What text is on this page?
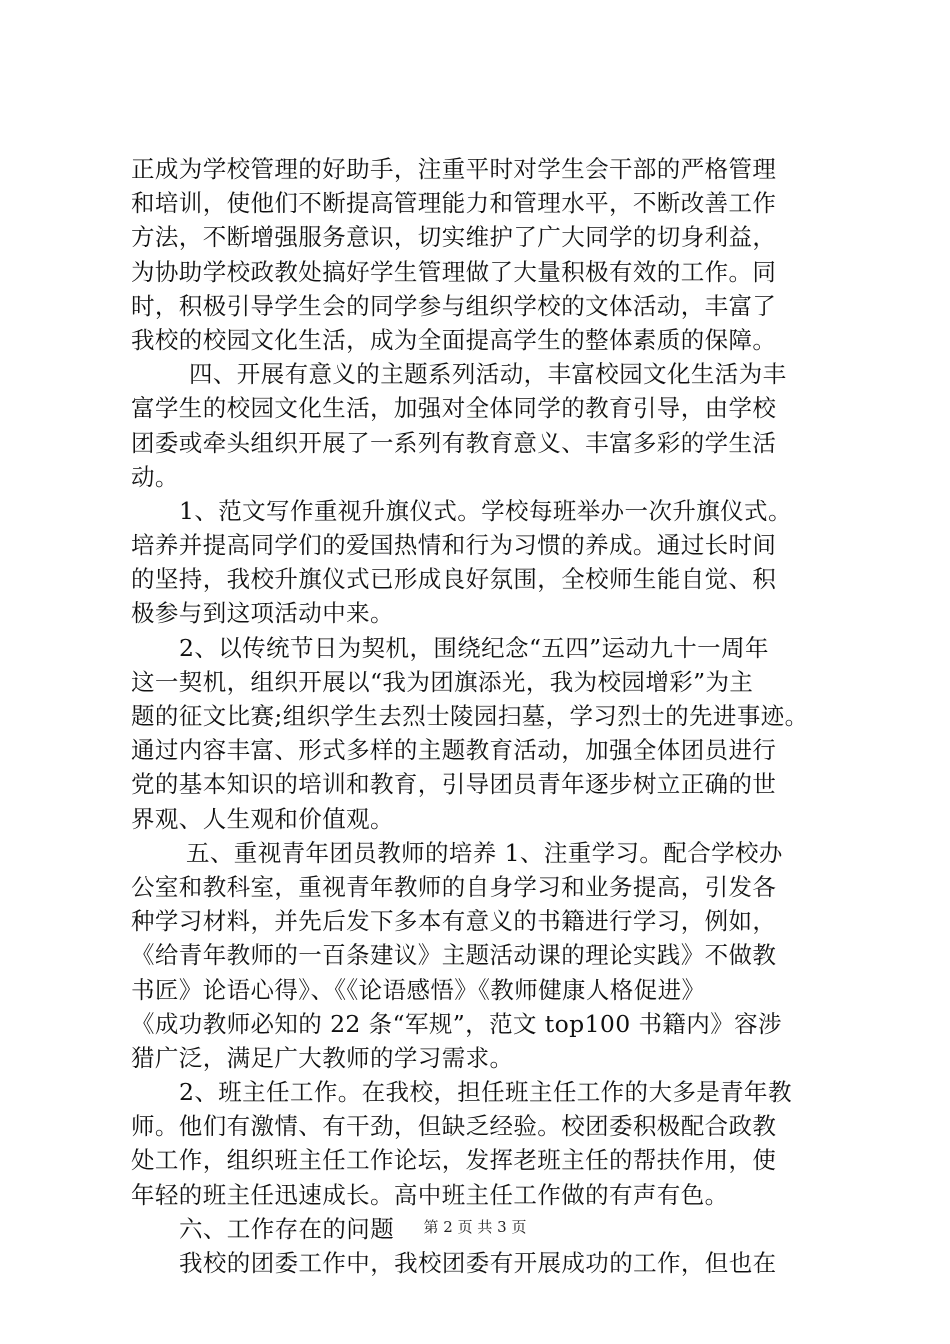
正成为学校管理的好助手，注重平时对学生会干部的严格管理
和培训，使他们不断提高管理能力和管理水平，不断改善工作
方法，不断增强服务意识，切实维护了广大同学的切身利益，
为协助学校政教处搞好学生管理做了大量积极有效的工作。同
时，积极引导学生会的同学参与组织学校的文体活动，丰富了
我校的校园文化生活，成为全面提高学生的整体素质的保障。
四、开展有意义的主题系列活动，丰富校园文化生活为丰
富学生的校园文化生活，加强对全体同学的教育引导，由学校
团委或牵头组织开展了一系列有教育意义、丰富多彩的学生活
动。
1、范文写作重视升旗仪式。学校每班举办一次升旗仪式。
培养并提高同学们的爱国热情和行为习惯的养成。通过长时间
的坚持，我校升旗仪式已形成良好氛围，全校师生能自觉、积
极参与到这项活动中来。
2、以传统节日为契机，围绕纪念“五四”运动九十一周年
这一契机，组织开展以“我为团旗添光，我为校园增彩”为主
题的征文比赛;组织学生去烈士陵园扫墓，学习烈士的先进事迹。
通过内容丰富、形式多样的主题教育活动，加强全体团员进行
党的基本知识的培训和教育，引导团员青年逐步树立正确的世
界观、人生观和价值观。
五、重视青年团员教师的培养 1、注重学习。配合学校办
公室和教科室，重视青年教师的自身学习和业务提高，引发各
种学习材料，并先后发下多本有意义的书籍进行学习，例如，
《给青年教师的一百条建议》主题活动课的理论实践》不做教
书匠》论语心得》、《《论语感悟》《教师健康人格促进》
《成功教师必知的 22 条“军规”，范文 top100 书籍内》容涉
猎广泛，满足广大教师的学习需求。
2、班主任工作。在我校，担任班主任工作的大多是青年教
师。他们有激情、有干劲，但缺乏经验。校团委积极配合政教
处工作，组织班主任工作论坛，发挥老班主任的帮扶作用，使
年轻的班主任迅速成长。高中班主任工作做的有声有色。
六、工作存在的问题
我校的团委工作中，我校团委有开展成功的工作，但也在
第 2 页 共 3 页
